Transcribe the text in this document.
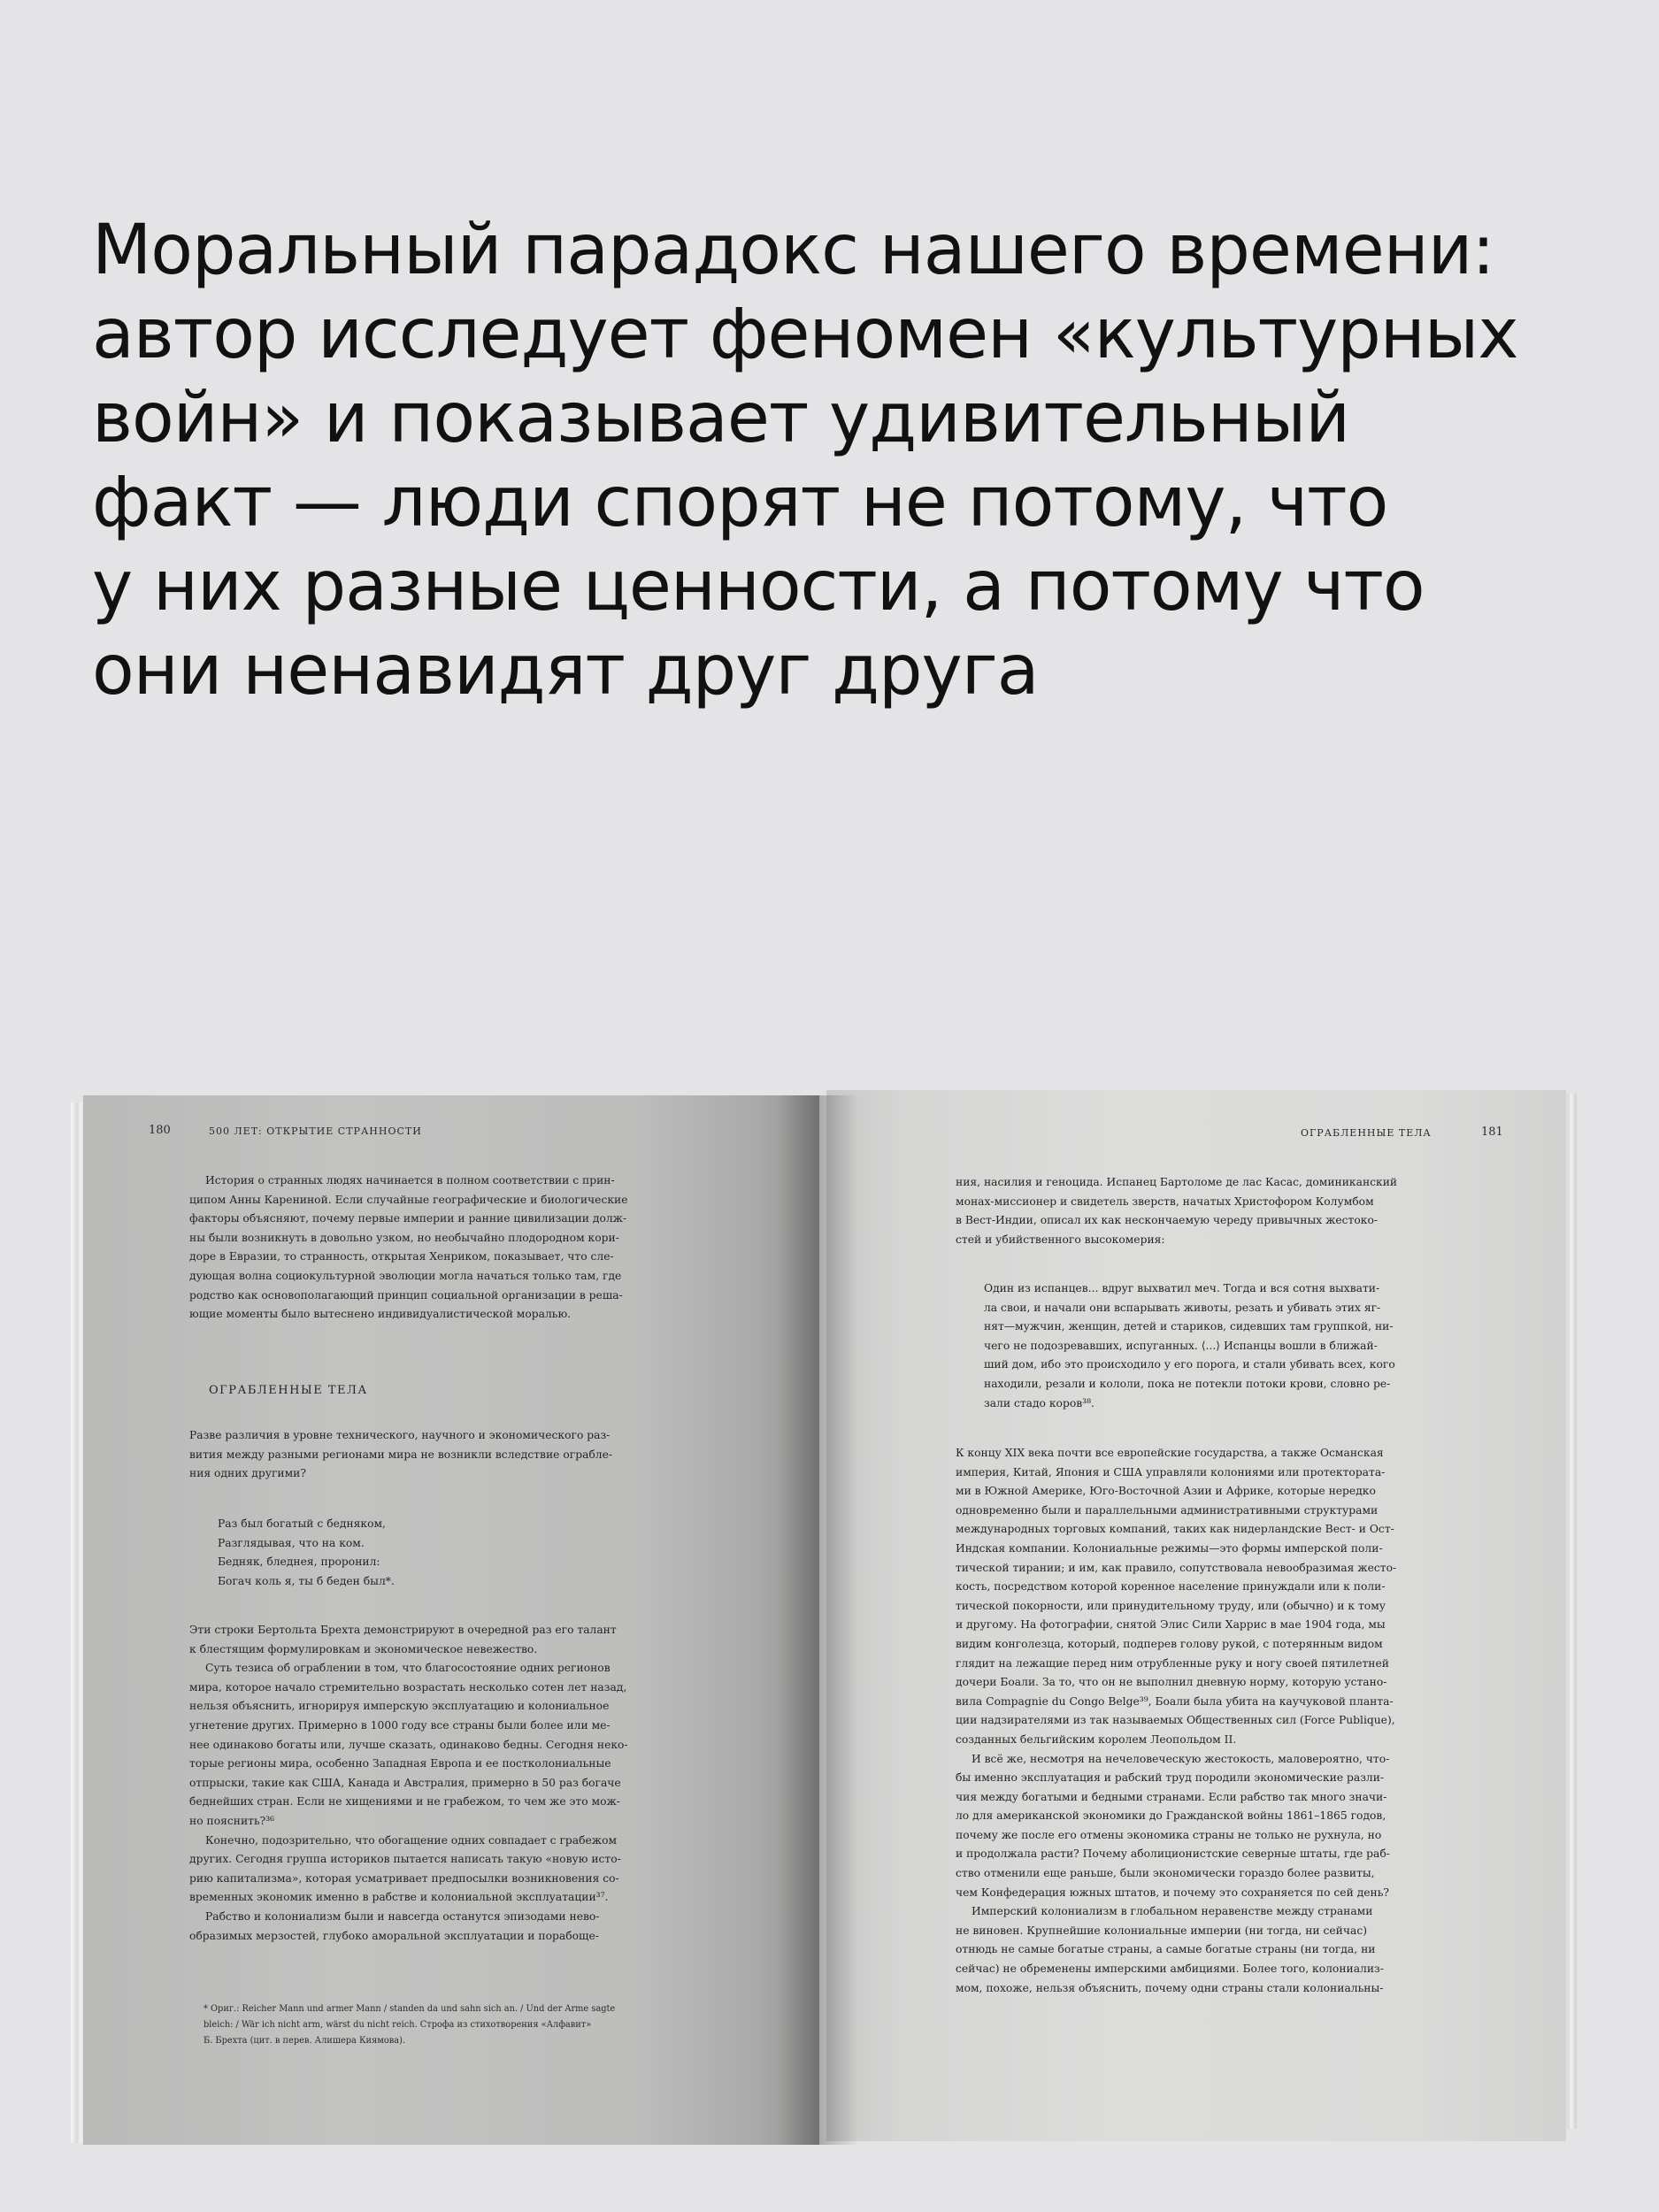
Моральный парадокс нашего времени:
автор исследует феномен «культурных
войн» и показывает удивительный
факт — люди спорят не потому, что
у них разные ценности, а потому что
они ненавидят друг друга
180	500 ЛЕТ: ОТКРЫТИЕ СТРАННОСТИ
История о странных людях начинается в полном соответствии с прин-
ципом Анны Карениной. Если случайные географические и биологические
факторы объясняют, почему первые империи и ранние цивилизации долж-
ны были возникнуть в довольно узком, но необычайно плодородном кори-
доре в Евразии, то странность, открытая Хенриком, показывает, что сле-
дующая волна социокультурной эволюции могла начаться только там, где
родство как основополагающий принцип социальной организации в реша-
ющие моменты было вытеснено индивидуалистической моралью.
ОГРАБЛЕННЫЕ ТЕЛА
Разве различия в уровне технического, научного и экономического раз-
вития между разными регионами мира не возникли вследствие ограбле-
ния одних другими?
Раз был богатый с бедняком,
Разглядывая, что на ком.
Бедняк, бледнея, проронил:
Богач коль я, ты б беден был*.
Эти строки Бертольта Брехта демонстрируют в очередной раз его талант
к блестящим формулировкам и экономическое невежество.
Суть тезиса об ограблении в том, что благосостояние одних регионов
мира, которое начало стремительно возрастать несколько сотен лет назад,
нельзя объяснить, игнорируя имперскую эксплуатацию и колониальное
угнетение других. Примерно в 1000 году все страны были более или ме-
нее одинаково богаты или, лучше сказать, одинаково бедны. Сегодня неко-
торые регионы мира, особенно Западная Европа и ее постколониальные
отпрыски, такие как США, Канада и Австралия, примерно в 50 раз богаче
беднейших стран. Если не хищениями и не грабежом, то чем же это мож-
но пояснить?³⁶
Конечно, подозрительно, что обогащение одних совпадает с грабежом
других. Сегодня группа историков пытается написать такую «новую исто-
рию капитализма», которая усматривает предпосылки возникновения со-
временных экономик именно в рабстве и колониальной эксплуатации³⁷.
Рабство и колониализм были и навсегда останутся эпизодами нево-
образимых мерзостей, глубоко аморальной эксплуатации и порабоще-
* Ориг.: Reicher Mann und armer Mann / standen da und sahn sich an. / Und der Arme sagte
bleich: / Wär ich nicht arm, wärst du nicht reich. Строфа из стихотворения «Алфавит»
Б. Брехта (цит. в перев. Алишера Киямова).
ОГРАБЛЕННЫЕ ТЕЛА	181
ния, насилия и геноцида. Испанец Бартоломе де лас Касас, доминиканский
монах-миссионер и свидетель зверств, начатых Христофором Колумбом
в Вест-Индии, описал их как нескончаемую череду привычных жестоко-
стей и убийственного высокомерия:
Один из испанцев... вдруг выхватил меч. Тогда и вся сотня выхвати-
ла свои, и начали они вспарывать животы, резать и убивать этих яг-
нят—мужчин, женщин, детей и стариков, сидевших там группкой, ни-
чего не подозревавших, испуганных. ⟨...⟩ Испанцы вошли в ближай-
ший дом, ибо это происходило у его порога, и стали убивать всех, кого
находили, резали и кололи, пока не потекли потоки крови, словно ре-
зали стадо коров³⁸.
К концу XIX века почти все европейские государства, а также Османская
империя, Китай, Япония и США управляли колониями или протектората-
ми в Южной Америке, Юго-Восточной Азии и Африке, которые нередко
одновременно были и параллельными административными структурами
международных торговых компаний, таких как нидерландские Вест- и Ост-
Индская компании. Колониальные режимы—это формы имперской поли-
тической тирании; и им, как правило, сопутствовала невообразимая жесто-
кость, посредством которой коренное население принуждали или к поли-
тической покорности, или принудительному труду, или (обычно) и к тому
и другому. На фотографии, снятой Элис Сили Харрис в мае 1904 года, мы
видим конголезца, который, подперев голову рукой, с потерянным видом
глядит на лежащие перед ним отрубленные руку и ногу своей пятилетней
дочери Боали. За то, что он не выполнил дневную норму, которую устано-
вила Compagnie du Congo Belge³⁹, Боали была убита на каучуковой планта-
ции надзирателями из так называемых Общественных сил (Force Publique),
созданных бельгийским королем Леопольдом II.
И всё же, несмотря на нечеловеческую жестокость, маловероятно, что-
бы именно эксплуатация и рабский труд породили экономические разли-
чия между богатыми и бедными странами. Если рабство так много значи-
ло для американской экономики до Гражданской войны 1861–1865 годов,
почему же после его отмены экономика страны не только не рухнула, но
и продолжала расти? Почему аболиционистские северные штаты, где раб-
ство отменили еще раньше, были экономически гораздо более развиты,
чем Конфедерация южных штатов, и почему это сохраняется по сей день?
Имперский колониализм в глобальном неравенстве между странами
не виновен. Крупнейшие колониальные империи (ни тогда, ни сейчас)
отнюдь не самые богатые страны, а самые богатые страны (ни тогда, ни
сейчас) не обременены имперскими амбициями. Более того, колониализ-
мом, похоже, нельзя объяснить, почему одни страны стали колониальны-
